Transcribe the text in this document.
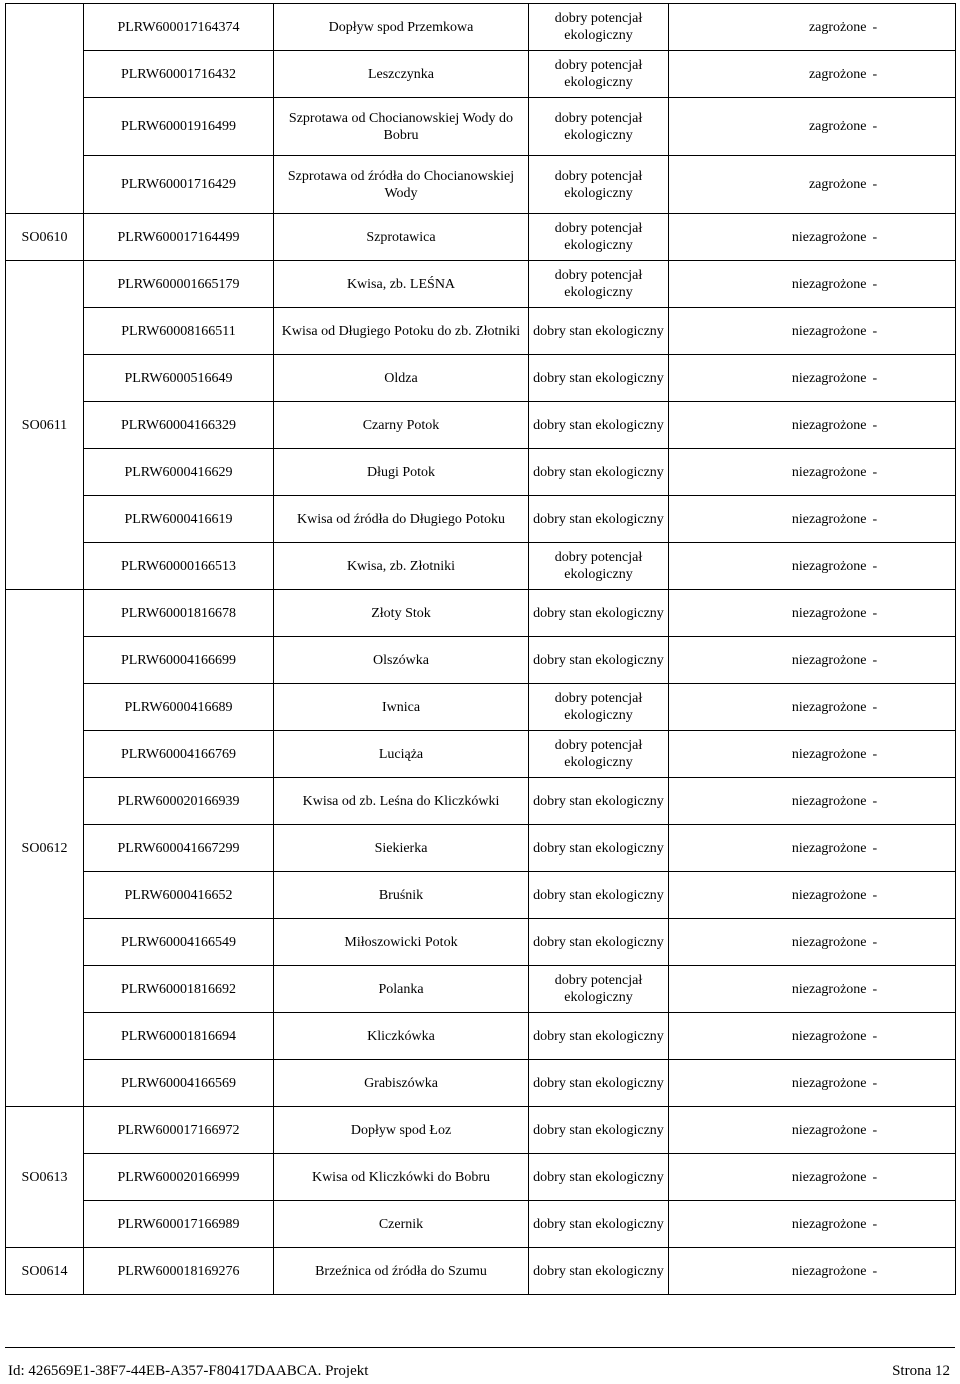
	PLRW600017164374	Dopływ spod Przemkowa	dobry potencjał ekologiczny	zagrożone	-
	PLRW60001716432	Leszczynka	dobry potencjał ekologiczny	zagrożone	-
	PLRW60001916499	Szprotawa od Chocianowskiej Wody do Bobru	dobry potencjał ekologiczny	zagrożone	-
	PLRW60001716429	Szprotawa od źródła do Chocianowskiej Wody	dobry potencjał ekologiczny	zagrożone	-
SO0610	PLRW600017164499	Szprotawica	dobry potencjał ekologiczny	niezagrożone	-
SO0611	PLRW600001665179	Kwisa, zb. LEŚNA	dobry potencjał ekologiczny	niezagrożone	-
	PLRW60008166511	Kwisa od Długiego Potoku do zb. Złotniki	dobry stan ekologiczny	niezagrożone	-
	PLRW6000516649	Oldza	dobry stan ekologiczny	niezagrożone	-
	PLRW60004166329	Czarny Potok	dobry stan ekologiczny	niezagrożone	-
	PLRW6000416629	Długi Potok	dobry stan ekologiczny	niezagrożone	-
	PLRW6000416619	Kwisa od źródła do Długiego Potoku	dobry stan ekologiczny	niezagrożone	-
	PLRW60000166513	Kwisa, zb. Złotniki	dobry potencjał ekologiczny	niezagrożone	-
SO0612	PLRW60001816678	Złoty Stok	dobry stan ekologiczny	niezagrożone	-
	PLRW60004166699	Olszówka	dobry stan ekologiczny	niezagrożone	-
	PLRW6000416689	Iwnica	dobry potencjał ekologiczny	niezagrożone	-
	PLRW60004166769	Luciąża	dobry potencjał ekologiczny	niezagrożone	-
	PLRW600020166939	Kwisa od zb. Leśna do Kliczkówki	dobry stan ekologiczny	niezagrożone	-
	PLRW600041667299	Siekierka	dobry stan ekologiczny	niezagrożone	-
	PLRW6000416652	Bruśnik	dobry stan ekologiczny	niezagrożone	-
	PLRW60004166549	Miłoszowicki Potok	dobry stan ekologiczny	niezagrożone	-
	PLRW60001816692	Polanka	dobry potencjał ekologiczny	niezagrożone	-
	PLRW60001816694	Kliczkówka	dobry stan ekologiczny	niezagrożone	-
	PLRW60004166569	Grabiszówka	dobry stan ekologiczny	niezagrożone	-
SO0613	PLRW600017166972	Dopływ spod Łoz	dobry stan ekologiczny	niezagrożone	-
	PLRW600020166999	Kwisa od Kliczkówki do Bobru	dobry stan ekologiczny	niezagrożone	-
	PLRW600017166989	Czernik	dobry stan ekologiczny	niezagrożone	-
SO0614	PLRW600018169276	Brzeźnica od źródła do Szumu	dobry stan ekologiczny	niezagrożone	-
Id: 426569E1-38F7-44EB-A357-F80417DAABCA. Projekt	Strona 12
